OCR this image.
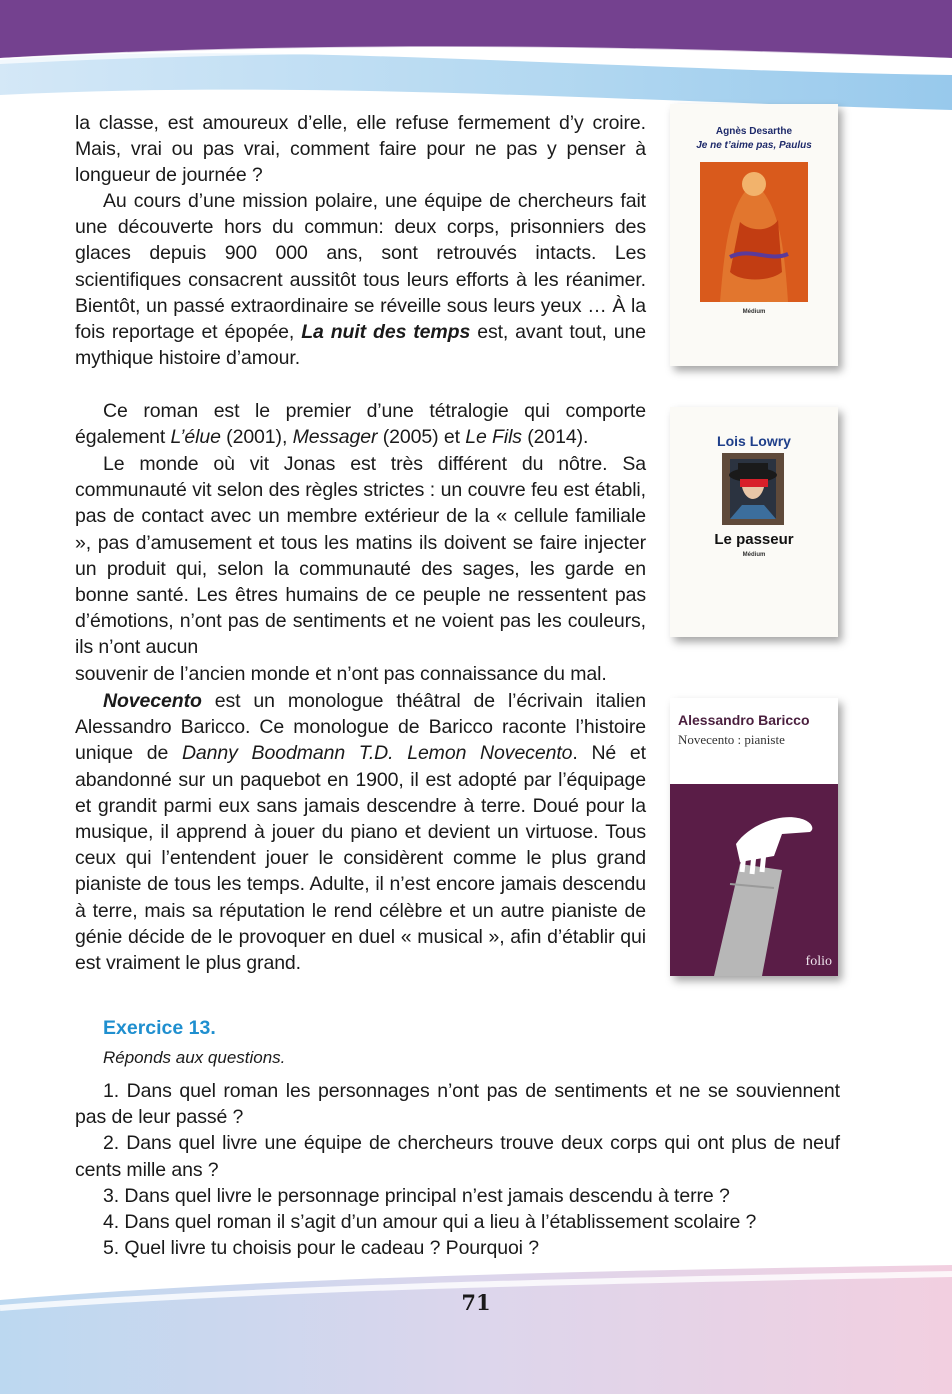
la classe, est amoureux d’elle, elle refuse fermement d’y croire. Mais, vrai ou pas vrai, comment faire pour ne pas y penser à longueur de journée ?

Au cours d’une mission polaire, une équipe de chercheurs fait une découverte hors du commun: deux corps, prisonniers des glaces depuis 900 000 ans, sont retrouvés intacts. Les scientifiques consacrent aussitôt tous leurs efforts à les réanimer. Bientôt, un passé extraordinaire se réveille sous leurs yeux … À la fois reportage et épopée, La nuit des temps est, avant tout, une mythique histoire d’amour.

Ce roman est le premier d’une tétralogie qui comporte également L’élue (2001), Messager (2005) et Le Fils (2014).

Le monde où vit Jonas est très différent du nôtre. Sa communauté vit selon des règles strictes : un couvre feu est établi, pas de contact avec un membre extérieur de la « cellule familiale », pas d’amusement et tous les matins ils doivent se faire injecter un produit qui, selon la communauté des sages, les garde en bonne santé. Les êtres humains de ce peuple ne ressentent pas d’émotions, n’ont pas de sentiments et ne voient pas les couleurs, ils n’ont aucun

souvenir de l’ancien monde et n’ont pas connaissance du mal.

Novecento est un monologue théâtral de l’écrivain italien Alessandro Baricco. Ce monologue de Baricco raconte l’histoire unique de Danny Boodmann T.D. Lemon Novecento. Né et abandonné sur un paquebot en 1900, il est adopté par l’équipage et grandit parmi eux sans jamais descendre à terre. Doué pour la musique, il apprend à jouer du piano et devient un virtuose. Tous ceux qui l’entendent jouer le considèrent comme le plus grand pianiste de tous les temps. Adulte, il n’est encore jamais descendu à terre, mais sa réputation le rend célèbre et un autre pianiste de génie décide de le provoquer en duel « musical », afin d’établir qui est vraiment le plus grand.

Agnès Desarthe
Je ne t’aime pas, Paulus
Médium
Lois Lowry
Le passeur
Médium
Alessandro Baricco
Novecento : pianiste
folio
Exercice 13.

Réponds aux questions.

1. Dans quel roman les personnages n’ont pas de sentiments et ne se souviennent pas de leur passé ?
2. Dans quel livre une équipe de chercheurs trouve deux corps qui ont plus de neuf cents mille ans ?
3. Dans quel livre le personnage principal n’est jamais descendu à terre ?
4. Dans quel roman il s’agit d’un amour qui a lieu à l’établissement scolaire ?
5. Quel livre tu choisis pour le cadeau ? Pourquoi ?

71
